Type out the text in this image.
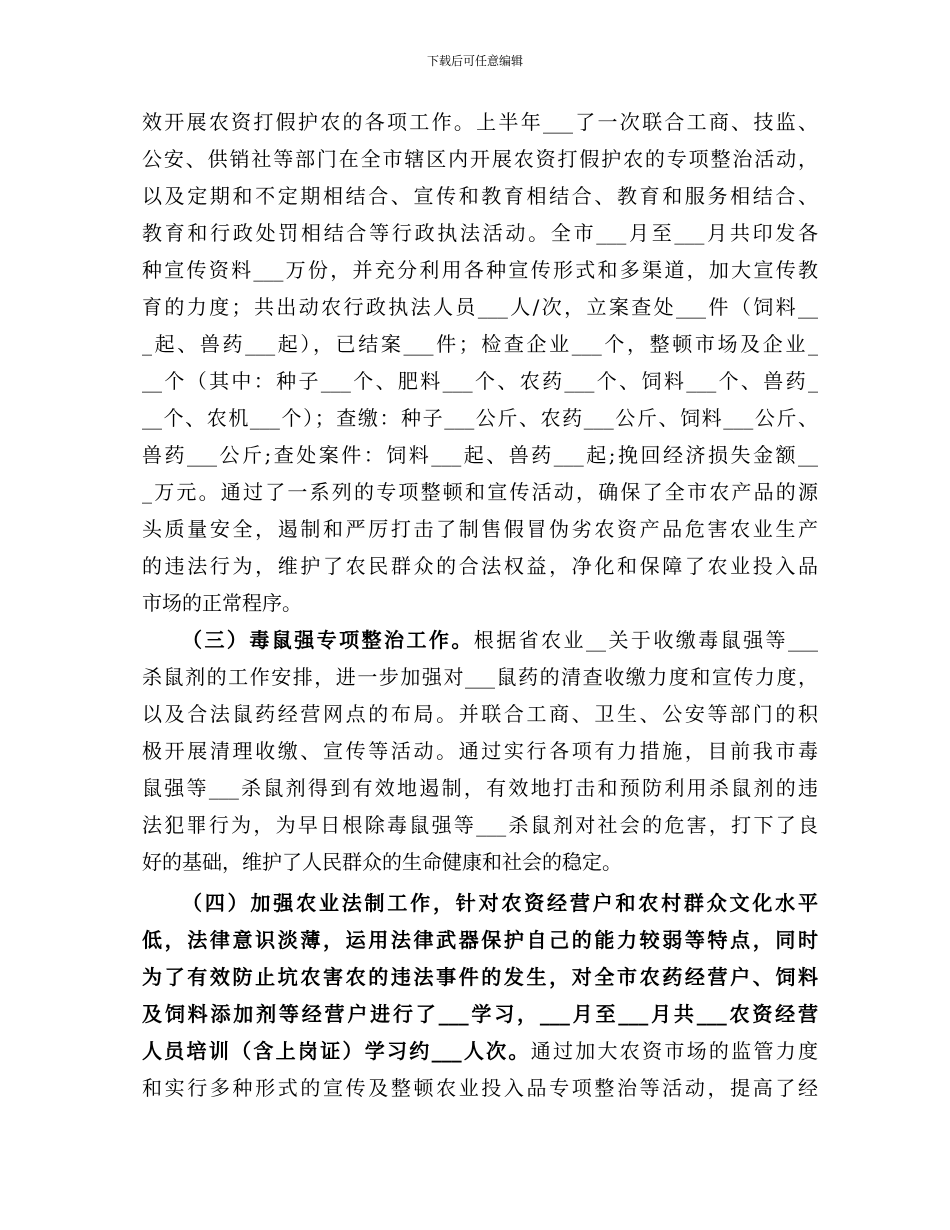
下载后可任意编辑
效开展农资打假护农的各项工作。上半年___了一次联合工商、技监、
公安、供销社等部门在全市辖区内开展农资打假护农的专项整治活动，
以及定期和不定期相结合、宣传和教育相结合、教育和服务相结合、
教育和行政处罚相结合等行政执法活动。全市___月至___月共印发各
种宣传资料___万份，并充分利用各种宣传形式和多渠道，加大宣传教
育的力度；共出动农行政执法人员___人/次，立案查处___件（饲料__
_起、兽药___起），已结案___件；检查企业___个，整顿市场及企业_
__个（其中：种子___个、肥料___个、农药___个、饲料___个、兽药_
__个、农机___个）；查缴：种子___公斤、农药___公斤、饲料___公斤、
兽药___公斤;查处案件：饲料___起、兽药___起;挽回经济损失金额__
_万元。通过了一系列的专项整顿和宣传活动，确保了全市农产品的源
头质量安全，遏制和严厉打击了制售假冒伪劣农资产品危害农业生产
的违法行为，维护了农民群众的合法权益，净化和保障了农业投入品
市场的正常程序。
（三）毒鼠强专项整治工作。根据省农业__关于收缴毒鼠强等___
杀鼠剂的工作安排，进一步加强对___鼠药的清查收缴力度和宣传力度，
以及合法鼠药经营网点的布局。并联合工商、卫生、公安等部门的积
极开展清理收缴、宣传等活动。通过实行各项有力措施，目前我市毒
鼠强等___杀鼠剂得到有效地遏制，有效地打击和预防利用杀鼠剂的违
法犯罪行为，为早日根除毒鼠强等___杀鼠剂对社会的危害，打下了良
好的基础，维护了人民群众的生命健康和社会的稳定。
（四）加强农业法制工作，针对农资经营户和农村群众文化水平
低，法律意识淡薄，运用法律武器保护自己的能力较弱等特点，同时
为了有效防止坑农害农的违法事件的发生，对全市农药经营户、饲料
及饲料添加剂等经营户进行了___学习，___月至___月共___农资经营
人员培训（含上岗证）学习约___人次。通过加大农资市场的监管力度
和实行多种形式的宣传及整顿农业投入品专项整治等活动，提高了经
